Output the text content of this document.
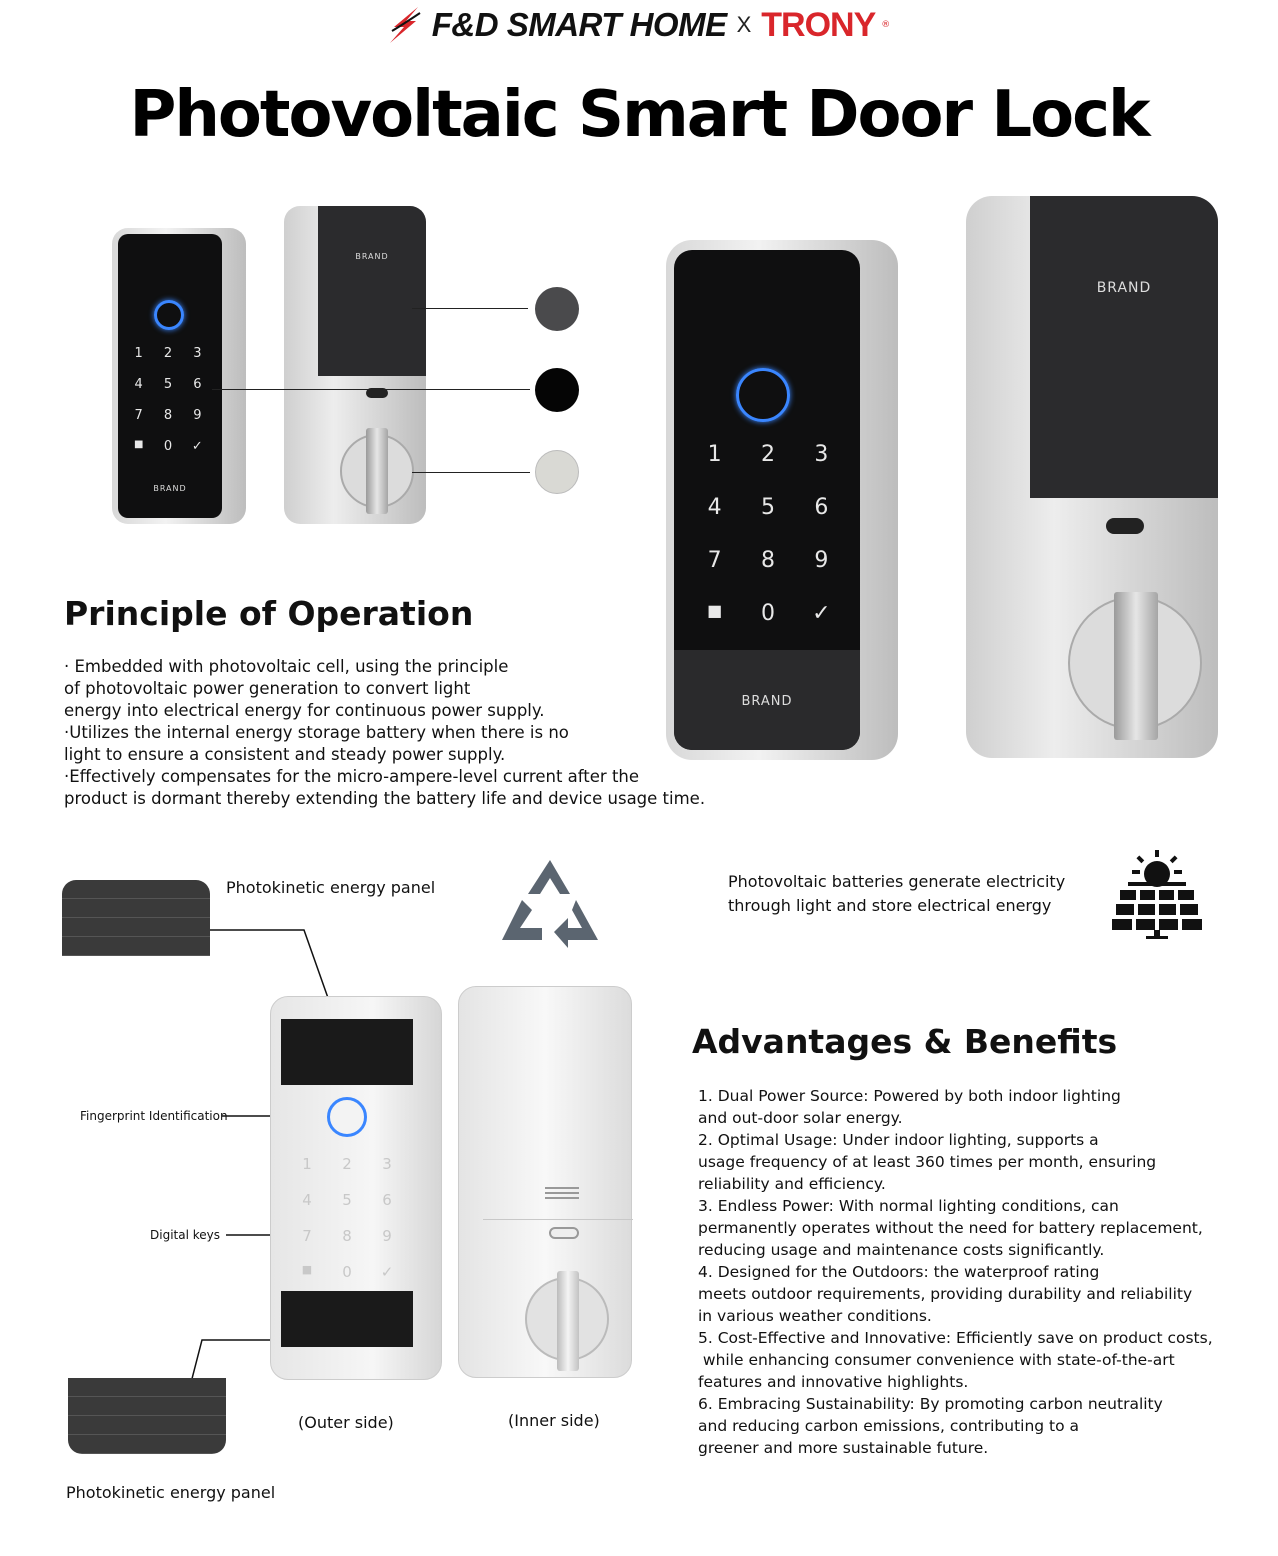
F&D SMART HOME X TRONY ®
Photovoltaic Smart Door Lock
1	2	3
4	5	6
7	8	9
■	0	✓
BRAND
BRAND
1	2	3
4	5	6
7	8	9
■	0	✓
BRAND
BRAND
Principle of Operation
· Embedded with photovoltaic cell, using the principle
of photovoltaic power generation to convert light
energy into electrical energy for continuous power supply.
·Utilizes the internal energy storage battery when there is no
light to ensure a consistent and steady power supply.
·Effectively compensates for the micro-ampere-level current after the
product is dormant thereby extending the battery life and device usage time.
Photokinetic energy panel	Photovoltaic batteries generate electricity
through light and store electrical energy
1	2	3
4	5	6
7	8	9
■	0	✓
Fingerprint Identification
Digital keys
(Outer side)	(Inner side)
Photokinetic energy panel
Advantages & Benefits
1. Dual Power Source: Powered by both indoor lighting
and out-door solar energy.
2. Optimal Usage: Under indoor lighting, supports a
usage frequency of at least 360 times per month, ensuring
reliability and efficiency.
3. Endless Power: With normal lighting conditions, can
permanently operates without the need for battery replacement,
reducing usage and maintenance costs significantly.
4. Designed for the Outdoors: the waterproof rating
meets outdoor requirements, providing durability and reliability
in various weather conditions.
5. Cost-Effective and Innovative: Efficiently save on product costs,
while enhancing consumer convenience with state-of-the-art
features and innovative highlights.
6. Embracing Sustainability: By promoting carbon neutrality
and reducing carbon emissions, contributing to a
greener and more sustainable future.
